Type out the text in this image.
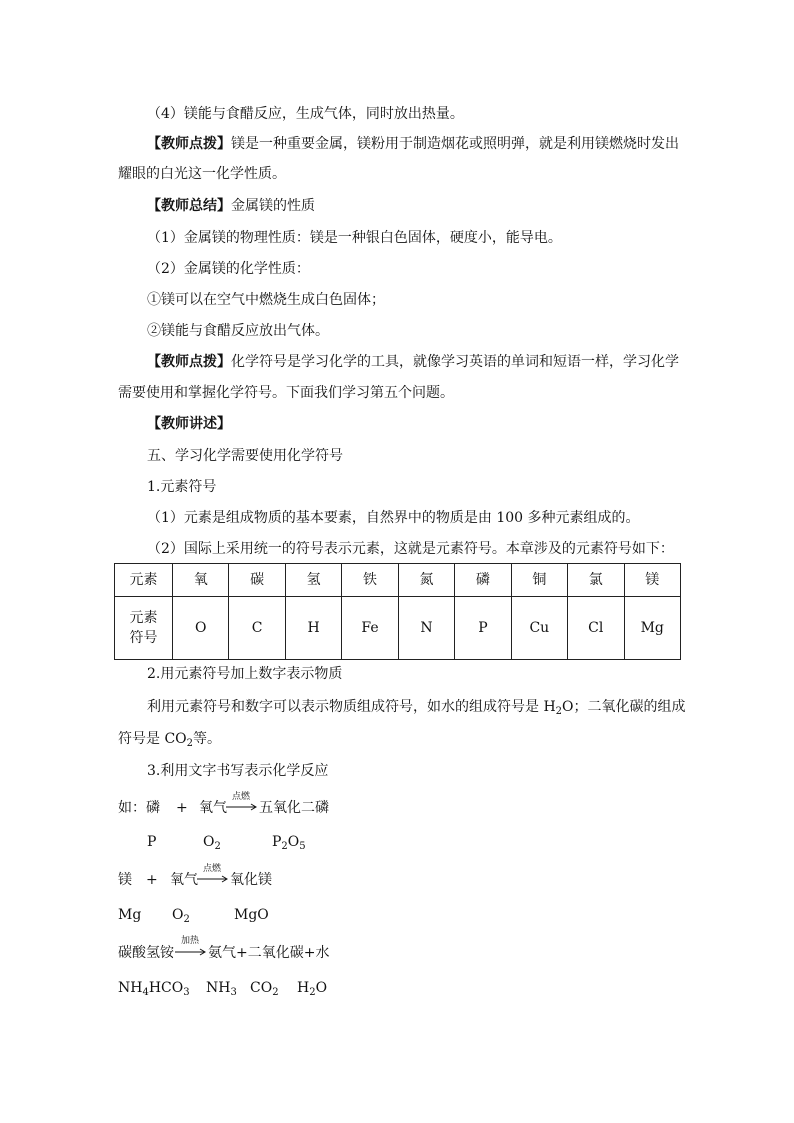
（4）镁能与食醋反应，生成气体，同时放出热量。
【教师点拨】镁是一种重要金属，镁粉用于制造烟花或照明弹，就是利用镁燃烧时发出
耀眼的白光这一化学性质。
【教师总结】金属镁的性质
（1）金属镁的物理性质：镁是一种银白色固体，硬度小，能导电。
（2）金属镁的化学性质：
①镁可以在空气中燃烧生成白色固体；
②镁能与食醋反应放出气体。
【教师点拨】化学符号是学习化学的工具，就像学习英语的单词和短语一样，学习化学
需要使用和掌握化学符号。下面我们学习第五个问题。
【教师讲述】
五、学习化学需要使用化学符号
1.元素符号
（1）元素是组成物质的基本要素，自然界中的物质是由 100 多种元素组成的。
（2）国际上采用统一的符号表示元素，这就是元素符号。本章涉及的元素符号如下：
元素	氧	碳	氢	铁	氮	磷	铜	氯	镁

元素
符号	O	C	H	Fe	N	P	Cu	Cl	Mg
2.用元素符号加上数字表示物质
利用元素符号和数字可以表示物质组成符号，如水的组成符号是 $H_2O$；二氧化碳的组成
符号是 $CO_2$等。
3.利用文字书写表示化学反应
如：磷 + 氧气
点燃
→ 五氧化二磷
P	$O_2$	$P_2O_5$
镁 + 氧气
点燃
→ 氧化镁
Mg $O_2$	MgO
碳酸氢铵
加热
→ 氨气+二氧化碳+水
$NH_4HCO_3$ $NH_3$ $CO_2$ $H_2O$
